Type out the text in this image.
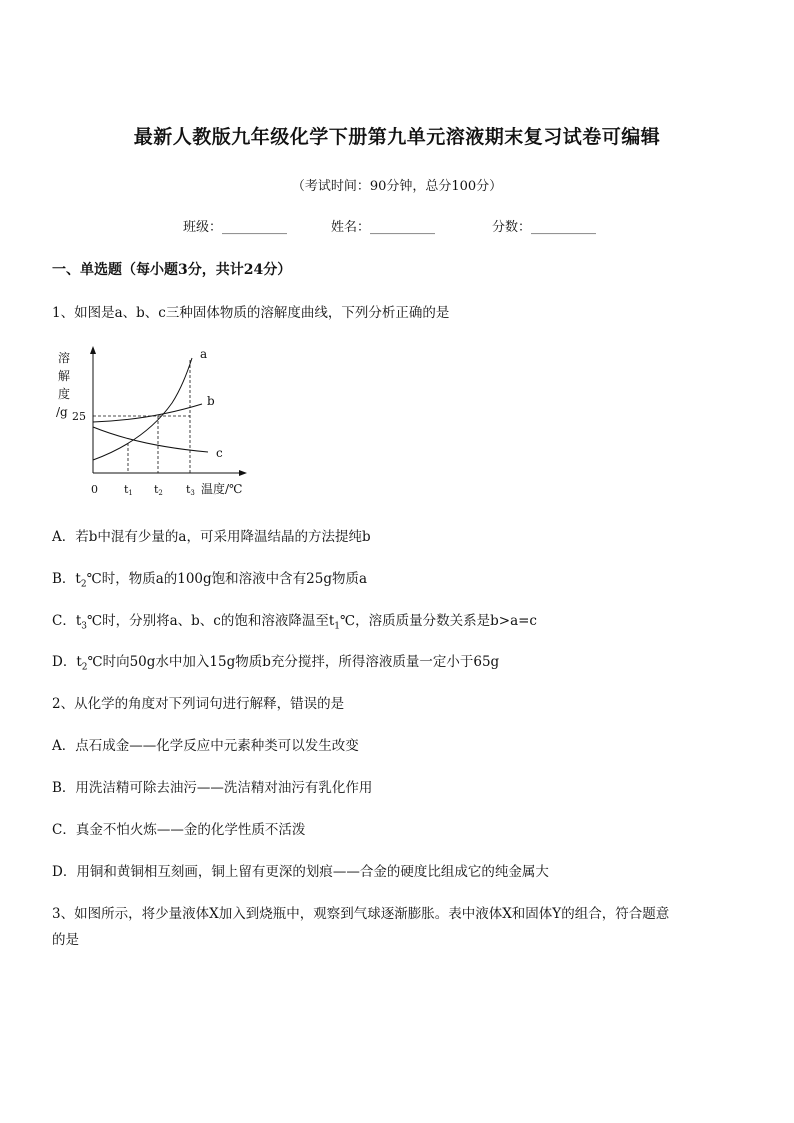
最新人教版九年级化学下册第九单元溶液期末复习试卷可编辑
（考试时间：90分钟，总分100分）
班级：__________	姓名：__________	分数：__________
一、单选题（每小题3分，共计24分）
1、如图是a、b、c三种固体物质的溶解度曲线，下列分析正确的是
溶
解
度
/g 25
a
b
c
0 t1 t2 t3 温度/℃
A．若b中混有少量的a，可采用降温结晶的方法提纯b
B．$t_2℃$时，物质a的100g饱和溶液中含有25g物质a
C．$t_3℃$时，分别将a、b、c的饱和溶液降温至$t_1℃$，溶质质量分数关系是b>a=c
D．$t_2℃$时向50g水中加入15g物质b充分搅拌，所得溶液质量一定小于65g
2、从化学的角度对下列词句进行解释，错误的是
A．点石成金——化学反应中元素种类可以发生改变
B．用洗洁精可除去油污——洗洁精对油污有乳化作用
C．真金不怕火炼——金的化学性质不活泼
D．用铜和黄铜相互刻画，铜上留有更深的划痕——合金的硬度比组成它的纯金属大
3、如图所示，将少量液体X加入到烧瓶中，观察到气球逐渐膨胀。表中液体X和固体Y的组合，符合题意
的是
